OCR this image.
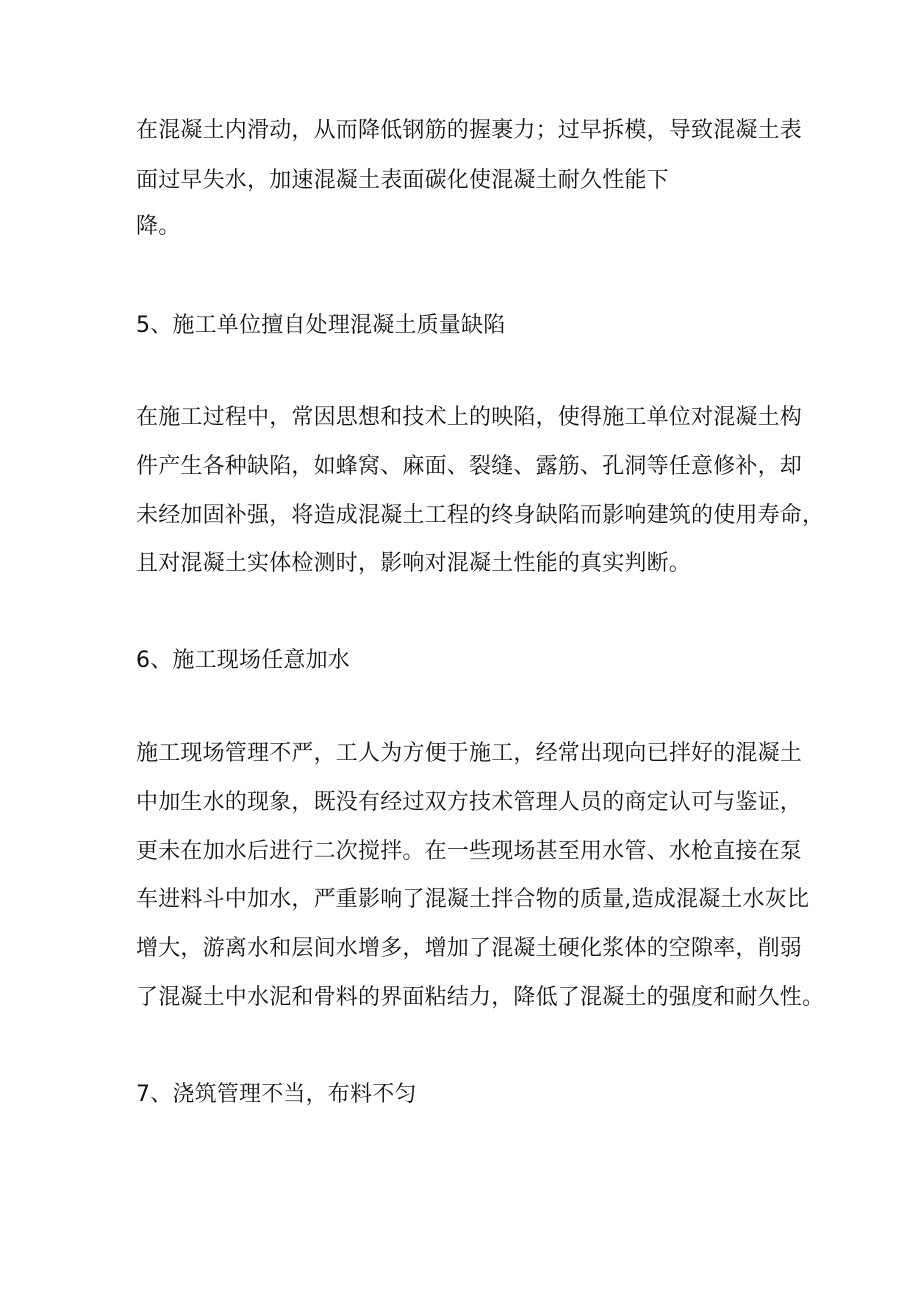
在混凝土内滑动，从而降低钢筋的握裹力；过早拆模，导致混凝土表
面过早失水，加速混凝土表面碳化使混凝土耐久性能下
降。
5、施工单位擅自处理混凝土质量缺陷
在施工过程中，常因思想和技术上的映陷，使得施工单位对混凝土构
件产生各种缺陷，如蜂窝、麻面、裂缝、露筋、孔洞等任意修补，却
未经加固补强，将造成混凝土工程的终身缺陷而影响建筑的使用寿命，
且对混凝土实体检测时，影响对混凝土性能的真实判断。
6、施工现场任意加水
施工现场管理不严，工人为方便于施工，经常出现向已拌好的混凝土
中加生水的现象，既没有经过双方技术管理人员的商定认可与鉴证，
更未在加水后进行二次搅拌。在一些现场甚至用水管、水枪直接在泵
车进料斗中加水，严重影响了混凝土拌合物的质量,造成混凝土水灰比
增大，游离水和层间水增多，增加了混凝土硬化浆体的空隙率，削弱
了混凝土中水泥和骨料的界面粘结力，降低了混凝土的强度和耐久性。
7、浇筑管理不当，布料不匀
